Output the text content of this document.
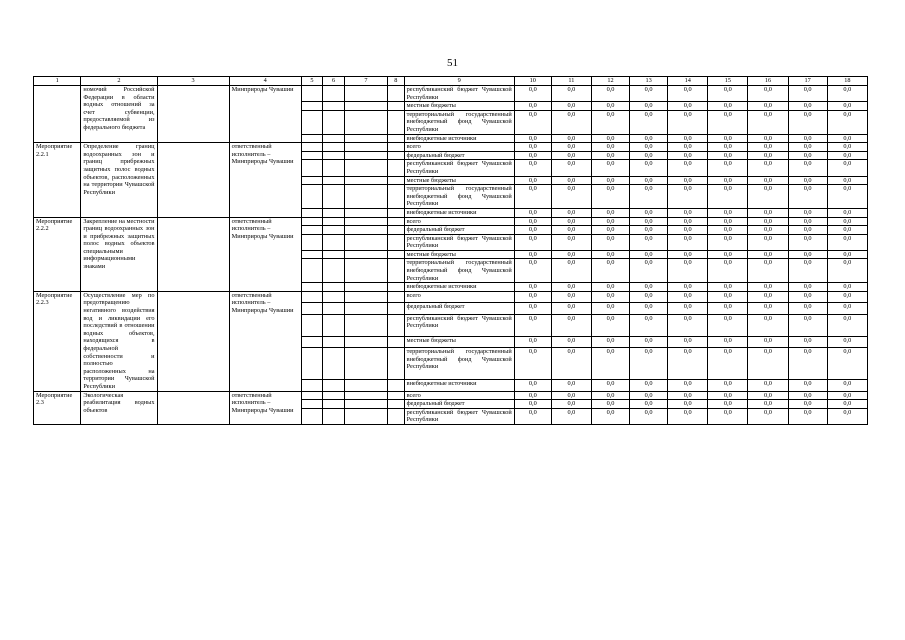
51
1	2	3	4	5	6	7	8	9	10	11	12	13	14	15	16	17	18
	номочий Российской Федерации в области водных отношений за счет субвенции, предоставляемой из федерального бюджета		Минприроды Чувашии					республиканский бюджет Чувашской Республики	0,0	0,0	0,0	0,0	0,0	0,0	0,0	0,0	0,0
								местные бюджеты	0,0	0,0	0,0	0,0	0,0	0,0	0,0	0,0	0,0
								территориальный государственный внебюджетный фонд Чувашской Республики	0,0	0,0	0,0	0,0	0,0	0,0	0,0	0,0	0,0
								внебюджетные источники	0,0	0,0	0,0	0,0	0,0	0,0	0,0	0,0	0,0
Мероприятие 2.2.1	Определение границ водоохранных зон и границ прибрежных защитных полос водных объектов, расположенных на территории Чувашской Республики		ответственный исполнитель – Минприроды Чувашии					всего	0,0	0,0	0,0	0,0	0,0	0,0	0,0	0,0	0,0
								федеральный бюджет	0,0	0,0	0,0	0,0	0,0	0,0	0,0	0,0	0,0
								республиканский бюджет Чувашской Республики	0,0	0,0	0,0	0,0	0,0	0,0	0,0	0,0	0,0
								местные бюджеты	0,0	0,0	0,0	0,0	0,0	0,0	0,0	0,0	0,0
								территориальный государственный внебюджетный фонд Чувашской Республики	0,0	0,0	0,0	0,0	0,0	0,0	0,0	0,0	0,0
								внебюджетные источники	0,0	0,0	0,0	0,0	0,0	0,0	0,0	0,0	0,0
Мероприятие 2.2.2	Закрепление на местности границ водоохранных зон и прибрежных защитных полос водных объектов специальными информационными знаками		ответственный исполнитель – Минприроды Чувашии					всего	0,0	0,0	0,0	0,0	0,0	0,0	0,0	0,0	0,0
								федеральный бюджет	0,0	0,0	0,0	0,0	0,0	0,0	0,0	0,0	0,0
								республиканский бюджет Чувашской Республики	0,0	0,0	0,0	0,0	0,0	0,0	0,0	0,0	0,0
								местные бюджеты	0,0	0,0	0,0	0,0	0,0	0,0	0,0	0,0	0,0
								территориальный государственный внебюджетный фонд Чувашской Республики	0,0	0,0	0,0	0,0	0,0	0,0	0,0	0,0	0,0
								внебюджетные источники	0,0	0,0	0,0	0,0	0,0	0,0	0,0	0,0	0,0
Мероприятие 2.2.3	Осуществление мер по предотвращению негативного воздействия вод и ликвидации его последствий в отношении водных объектов, находящихся в федеральной собственности и полностью расположенных на территории Чувашской Республики		ответственный исполнитель – Минприроды Чувашии					всего	0,0	0,0	0,0	0,0	0,0	0,0	0,0	0,0	0,0
								федеральный бюджет	0,0	0,0	0,0	0,0	0,0	0,0	0,0	0,0	0,0
								республиканский бюджет Чувашской Республики	0,0	0,0	0,0	0,0	0,0	0,0	0,0	0,0	0,0
								местные бюджеты	0,0	0,0	0,0	0,0	0,0	0,0	0,0	0,0	0,0
								территориальный государственный внебюджетный фонд Чувашской Республики	0,0	0,0	0,0	0,0	0,0	0,0	0,0	0,0	0,0
								внебюджетные источники	0,0	0,0	0,0	0,0	0,0	0,0	0,0	0,0	0,0
Мероприятие 2.3	Экологическая реабилитация водных объектов		ответственный исполнитель – Минприроды Чувашии					всего	0,0	0,0	0,0	0,0	0,0	0,0	0,0	0,0	0,0
								федеральный бюджет	0,0	0,0	0,0	0,0	0,0	0,0	0,0	0,0	0,0
								республиканский бюджет Чувашской Республики	0,0	0,0	0,0	0,0	0,0	0,0	0,0	0,0	0,0
